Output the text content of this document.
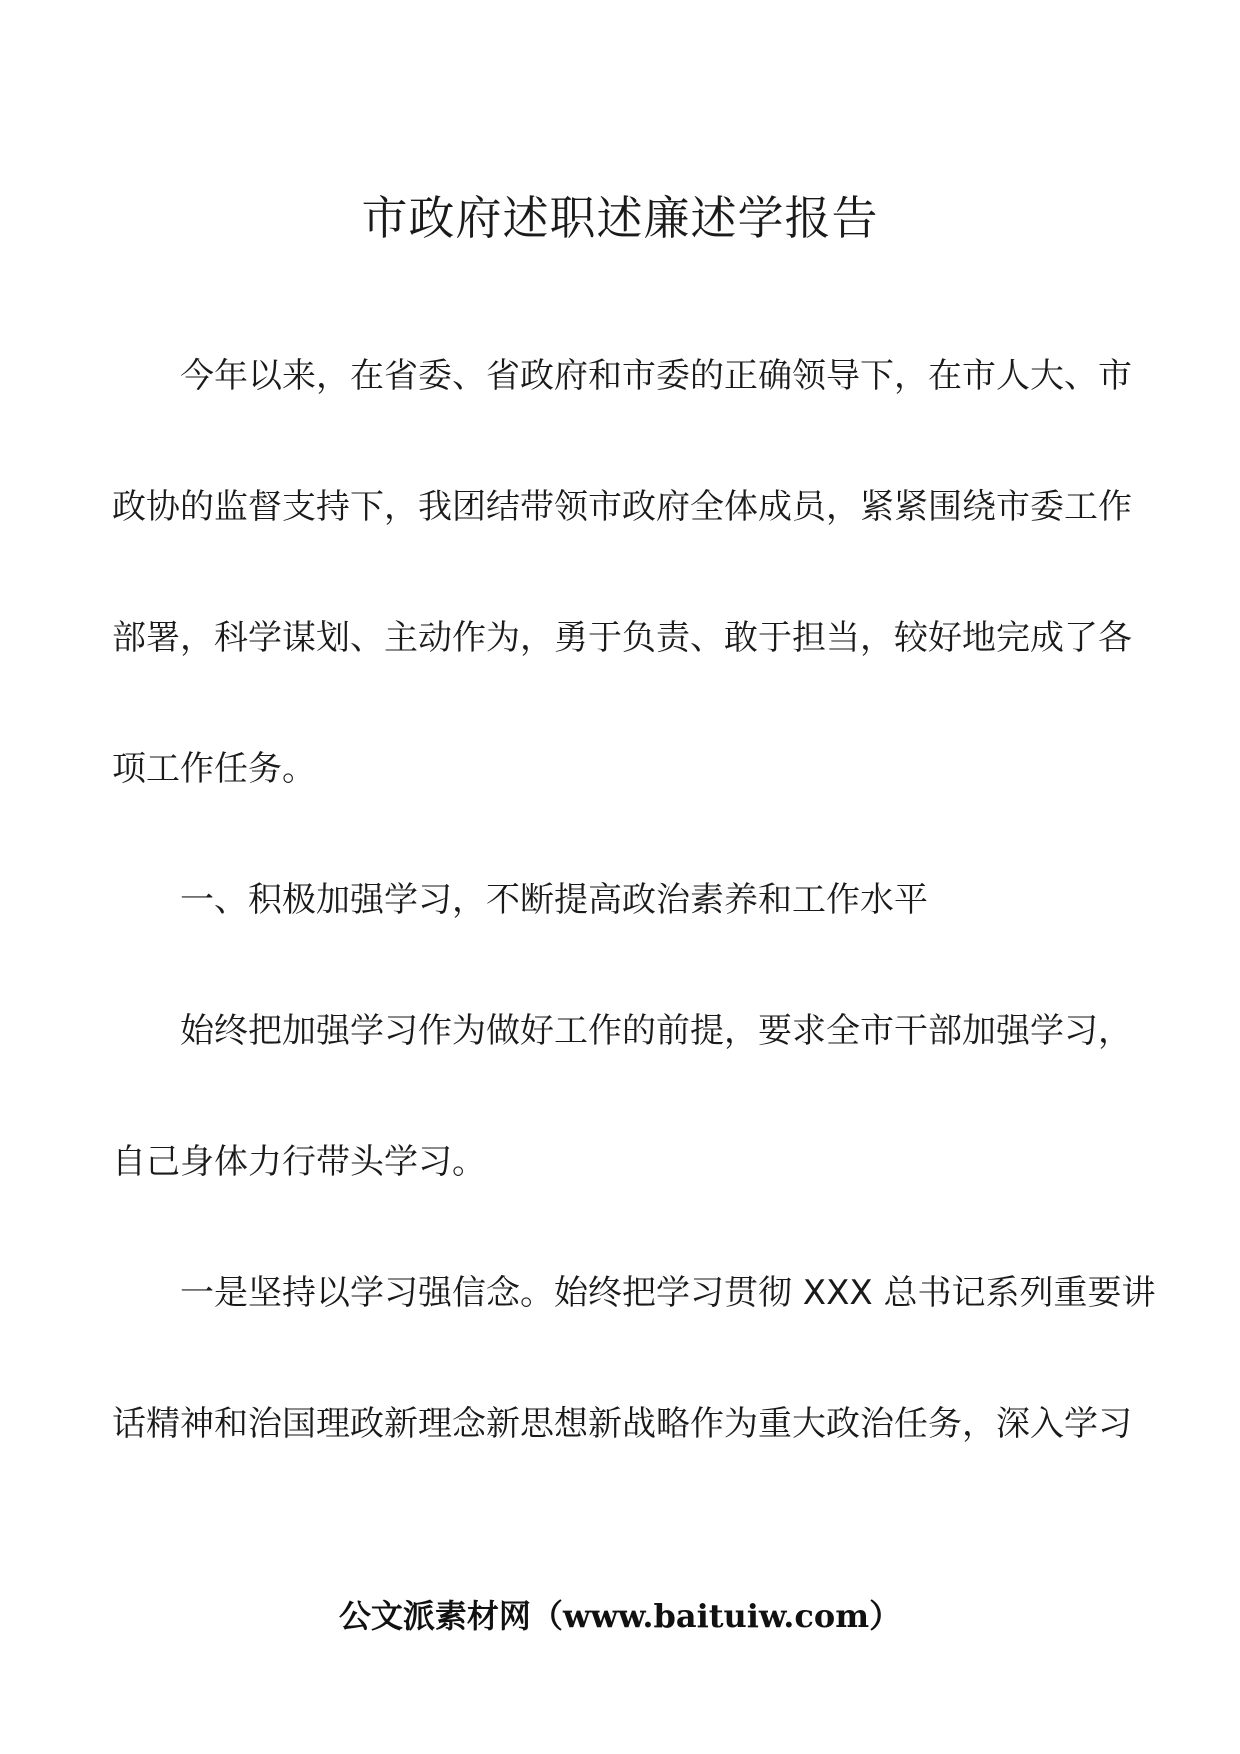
市政府述职述廉述学报告
今年以来，在省委、省政府和市委的正确领导下，在市人大、市
政协的监督支持下，我团结带领市政府全体成员，紧紧围绕市委工作
部署，科学谋划、主动作为，勇于负责、敢于担当，较好地完成了各
项工作任务。
一、积极加强学习，不断提高政治素养和工作水平
始终把加强学习作为做好工作的前提，要求全市干部加强学习，
自己身体力行带头学习。
一是坚持以学习强信念。始终把学习贯彻 XXX 总书记系列重要讲
话精神和治国理政新理念新思想新战略作为重大政治任务，深入学习
公文派素材网（www.baituiw.com）
